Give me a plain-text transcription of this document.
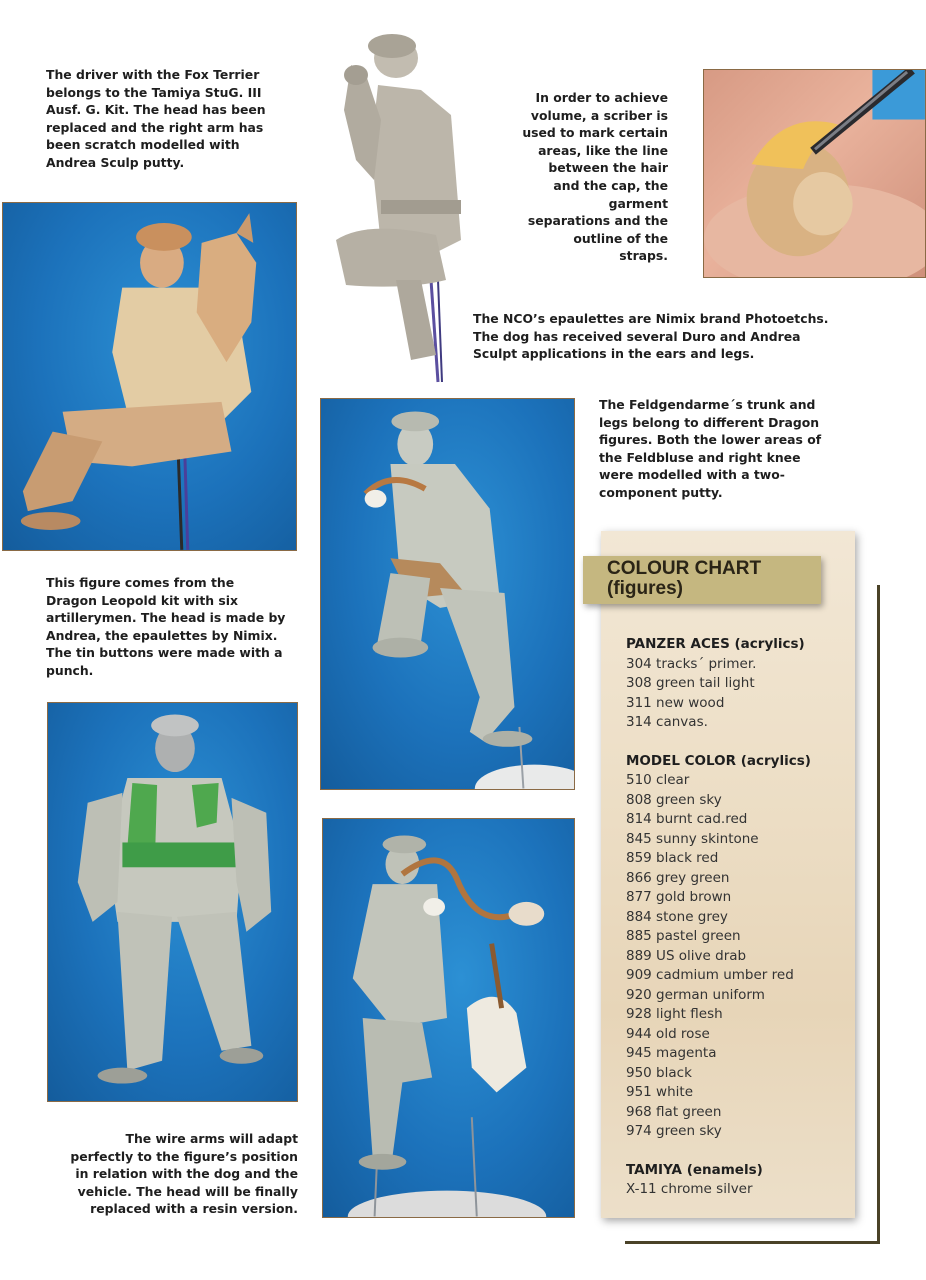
The driver with the Fox Terrier belongs to the Tamiya StuG. III Ausf. G. Kit. The head has been replaced and the right arm has been scratch modelled with Andrea Sculp putty.

In order to achieve volume, a scriber is used to mark certain areas, like the line between the hair and the cap, the garment separations and the outline of the straps.

The NCO’s epaulettes are Nimix brand Photoetchs. The dog has received several Duro and Andrea Sculpt applications in the ears and legs.

The Feldgendarme´s trunk and legs belong to different Dragon figures. Both the lower areas of the Feldbluse and right knee were modelled with a two-component putty.

This figure comes from the Dragon Leopold kit with six artillerymen. The head is made by Andrea, the epaulettes by Nimix. The tin buttons were made with a punch.

The wire arms will adapt perfectly to the figure’s position in relation with the dog and the vehicle. The head will be finally replaced with a resin version.

COLOUR CHART
(figures)
PANZER ACES (acrylics)
304 tracks´ primer.
308 green tail light
311 new wood
314 canvas.
MODEL COLOR (acrylics)
510 clear
808 green sky
814 burnt cad.red
845 sunny skintone
859 black red
866 grey green
877 gold brown
884 stone grey
885 pastel green
889 US olive drab
909 cadmium umber red
920 german uniform
928 light flesh
944 old rose
945 magenta
950 black
951 white
968 flat green
974 green sky
TAMIYA (enamels)
X-11 chrome silver
